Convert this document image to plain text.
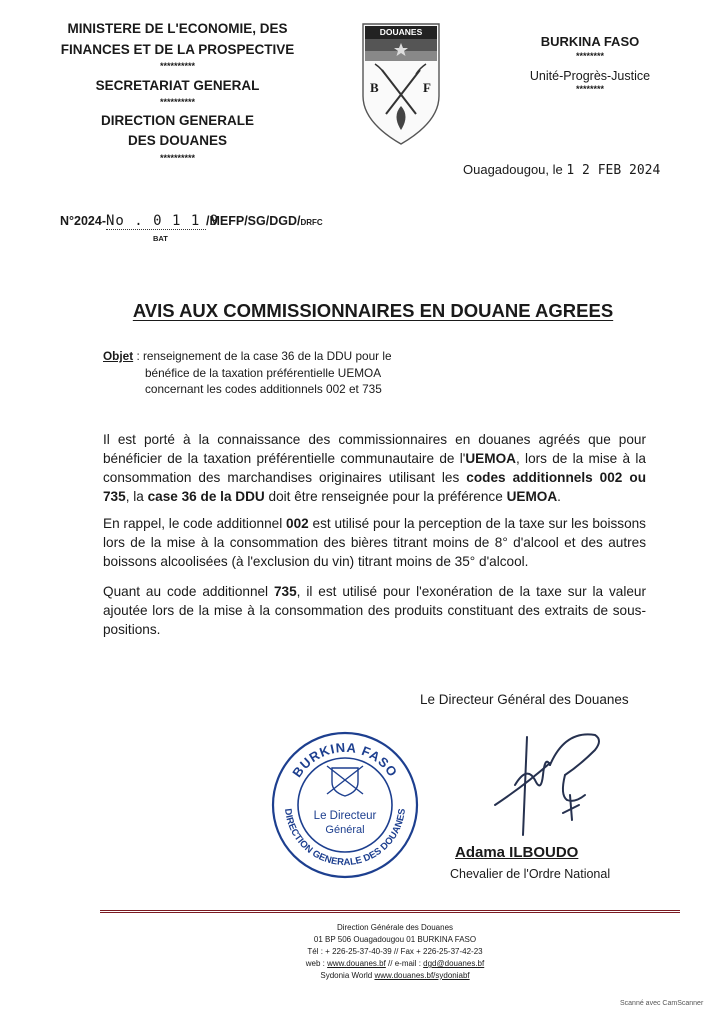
MINISTERE DE L'ECONOMIE, DES
FINANCES ET DE LA PROSPECTIVE
**********
SECRETARIAT GENERAL
**********
DIRECTION GENERALE
DES DOUANES
**********
DOUANES
B	F
BURKINA FASO
********
Unité-Progrès-Justice
********
Ouagadougou, le 1 2 FEB 2024
N°2024-No . 0 1 1 9/MEFP/SG/DGD/DRFC
BAT
AVIS AUX COMMISSIONNAIRES EN DOUANE AGREES
Objet : renseignement de la case 36 de la DDU pour le
bénéfice de la taxation préférentielle UEMOA
concernant les codes additionnels 002 et 735

Il est porté à la connaissance des commissionnaires en douanes agréés que pour bénéficier de la taxation préférentielle communautaire de l'UEMOA, lors de la mise à la consommation des marchandises originaires utilisant les codes additionnels 002 ou 735, la case 36 de la DDU doit être renseignée pour la préférence UEMOA.

En rappel, le code additionnel 002 est utilisé pour la perception de la taxe sur les boissons lors de la mise à la consommation des bières titrant moins de 8° d'alcool et des autres boissons alcoolisées (à l'exclusion du vin) titrant moins de 35° d'alcool.

Quant au code additionnel 735, il est utilisé pour l'exonération de la taxe sur la valeur ajoutée lors de la mise à la consommation des produits constituant des extraits de sous-positions.

Le Directeur Général des Douanes
BURKINA FASO
DIRECTION GENERALE DES DOUANES
Le Directeur
Général
Adama ILBOUDO
Chevalier de l'Ordre National
Direction Générale des Douanes
01 BP 506 Ouagadougou 01 BURKINA FASO
Tél : + 226-25-37-40-39 // Fax + 226-25-37-42-23
web : www.douanes.bf // e-mail : dgd@douanes.bf
Sydonia World www.douanes.bf/sydoniabf
Scanné avec CamScanner
